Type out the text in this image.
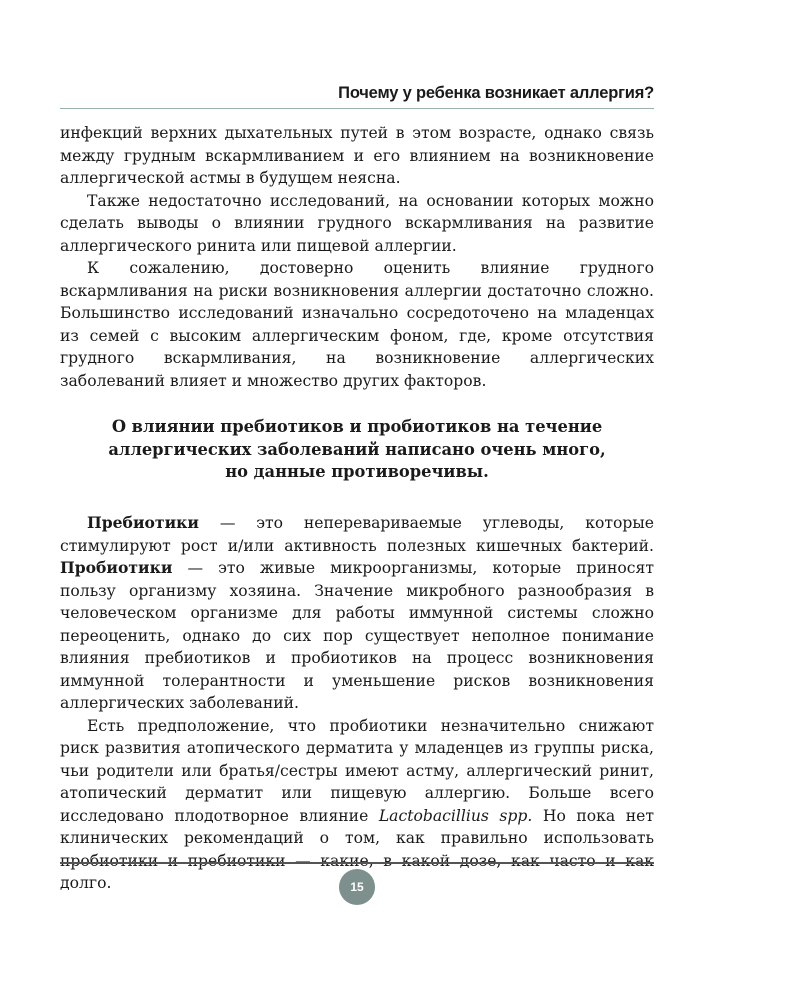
Почему у ребенка возникает аллергия?

инфекций верхних дыхательных путей в этом возрасте, однако связь между грудным вскармливанием и его влиянием на возникновение аллергической астмы в будущем неясна.

Также недостаточно исследований, на основании которых можно сделать выводы о влиянии грудного вскармливания на развитие аллергического ринита или пищевой аллергии.

К сожалению, достоверно оценить влияние грудного вскармливания на риски возникновения аллергии достаточно сложно. Большинство исследований изначально сосредоточено на младенцах из семей с высоким аллергическим фоном, где, кроме отсутствия грудного вскармливания, на возникновение аллергических заболеваний влияет и множество других факторов.

О влиянии пребиотиков и пробиотиков на течение
аллергических заболеваний написано очень много,
но данные противоречивы.

Пребиотики — это неперевариваемые углеводы, которые стимулируют рост и/или активность полезных кишечных бактерий. Пробиотики — это живые микроорганизмы, которые приносят пользу организму хозяина. Значение микробного разнообразия в человеческом организме для работы иммунной системы сложно переоценить, однако до сих пор существует неполное понимание влияния пребиотиков и пробиотиков на процесс возникновения иммунной толерантности и уменьшение рисков возникновения аллергических заболеваний.

Есть предположение, что пробиотики незначительно снижают риск развития атопического дерматита у младенцев из группы риска, чьи родители или братья/сестры имеют астму, аллергический ринит, атопический дерматит или пищевую аллергию. Больше всего исследовано плодотворное влияние Lactobacillius spp. Но пока нет клинических рекомендаций о том, как правильно использовать пробиотики и пребиотики — какие, в какой дозе, как часто и как долго.	15
